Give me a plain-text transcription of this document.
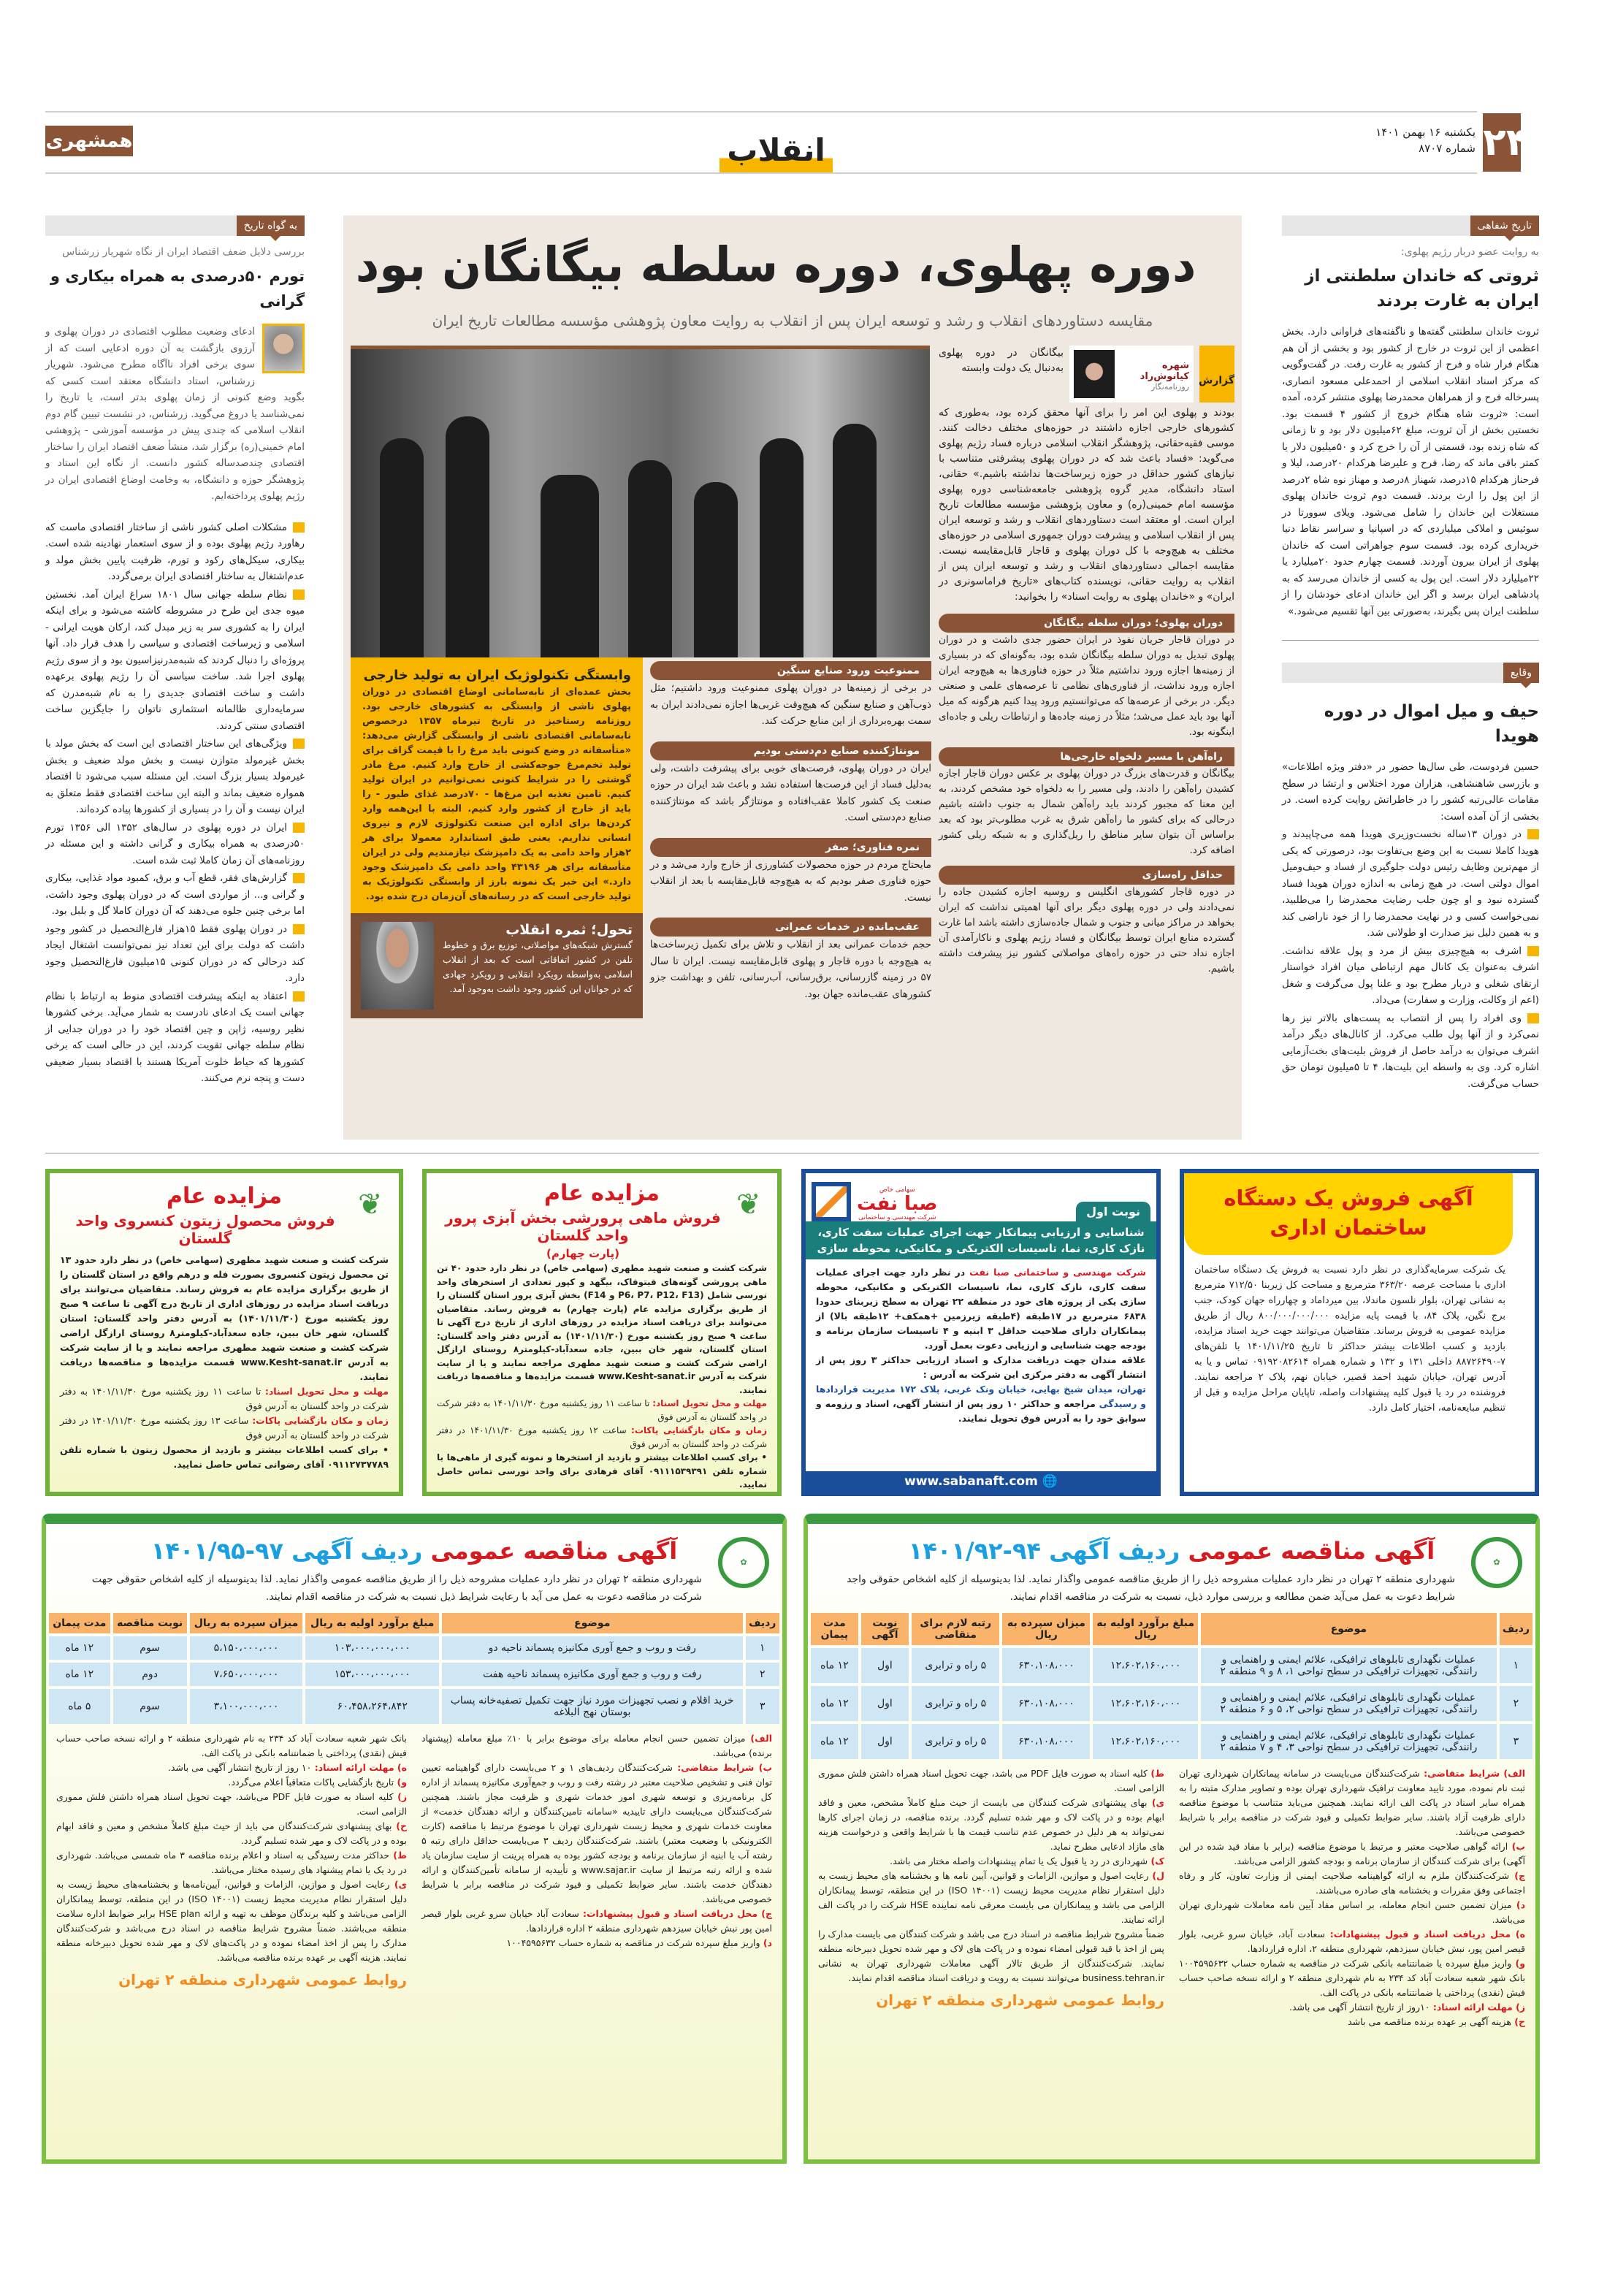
۲۴
یکشنبه ۱۶ بهمن ۱۴۰۱
شماره ۸۷۰۷
همشهری	انقلاب
تاریخ شفاهی
به روایت عضو دربار رژیم پهلوی:
ثروتی که خاندان سلطنتی از ایران به غارت بردند
ثروت خاندان سلطنتی گفته‌ها و ناگفته‌های فراوانی دارد. بخش اعظمی از این ثروت در خارج از کشور بود و بخشی از آن هم هنگام فرار شاه و فرح از کشور به غارت رفت. در گفت‌وگویی که مرکز اسناد انقلاب اسلامی از احمدعلی مسعود انصاری، پسرخاله فرح و از همراهان محمدرضا پهلوی منتشر کرده، آمده است: «ثروت شاه هنگام خروج از کشور ۴ قسمت بود. نخستین بخش از آن ثروت، مبلغ ۶۲میلیون دلار بود و تا زمانی که شاه زنده بود، قسمتی از آن را خرج کرد و ۵۰میلیون دلار یا کمتر باقی ماند که رضا، فرح و علیرضا هرکدام ۲۰درصد، لیلا و فرحناز هرکدام ۱۵درصد، شهناز ۸درصد و مهناز نوه شاه ۲درصد از این پول را ارث بردند. قسمت دوم ثروت خاندان پهلوی مستغلات این خاندان را شامل می‌شود. ویلای سوورتا در سوئیس و املاکی میلیاردی که در اسپانیا و سراسر نقاط دنیا خریداری کرده بود. قسمت سوم جواهراتی است که خاندان پهلوی از ایران بیرون آوردند. قسمت چهارم حدود ۲۰میلیارد یا ۲۲میلیارد دلار است. این پول به کسی از خاندان می‌رسد که به پادشاهی ایران برسد و اگر این خاندان ادعای خودشان را از سلطنت ایران پس بگیرند، به‌صورتی بین آنها تقسیم می‌شود.»
وقایع
حیف و میل اموال در دوره هویدا
حسین فردوست، طی سال‌ها حضور در «دفتر ویژه اطلاعات» و بازرسی شاهنشاهی، هزاران مورد اختلاس و ارتشا در سطح مقامات عالی‌رتبه کشور را در خاطراتش روایت کرده است. در بخشی از آن آمده است:
در دوران ۱۳ساله نخست‌وزیری هویدا همه می‌چاپیدند و هویدا کاملا نسبت به این وضع بی‌تفاوت بود، درصورتی که یکی از مهم‌ترین وظایف رئیس دولت جلوگیری از فساد و حیف‌ومیل اموال دولتی است. در هیچ زمانی به اندازه دوران هویدا فساد گسترده نبود و او چون جلب رضایت محمدرضا را می‌طلبید، نمی‌خواست کسی و در نهایت محمدرضا را از خود ناراضی کند و به همین دلیل نیز صدارت او طولانی شد.
اشرف به هیچ‌چیزی بیش از مرد و پول علاقه نداشت. اشرف به‌عنوان یک کانال مهم ارتباطی میان افراد خواستار ارتقای شغلی و دربار مطرح بود و علنا پول می‌گرفت و شغل (اعم از وکالت، وزارت و سفارت) می‌داد.
وی افراد را پس از انتصاب به پست‌های بالاتر نیز رها نمی‌کرد و از آنها پول طلب می‌کرد. از کانال‌های دیگر درآمد اشرف می‌توان به درآمد حاصل از فروش بلیت‌های بخت‌آزمایی اشاره کرد. وی به واسطه این بلیت‌ها، ۴ تا ۵میلیون تومان حق حساب می‌گرفت.
به گواه تاریخ
بررسی دلایل ضعف اقتصاد ایران از نگاه شهریار زرشناس
تورم ۵۰درصدی به همراه بیکاری و گرانی
ادعای وضعیت مطلوب اقتصادی در دوران پهلوی و آرزوی بازگشت به آن دوره ادعایی است که از سوی برخی افراد ناآگاه مطرح می‌شود. شهریار زرشناس، استاد دانشگاه معتقد است کسی که بگوید وضع کنونی از زمان پهلوی بدتر است، یا تاریخ را نمی‌شناسد یا دروغ می‌گوید. زرشناس، در نشست تبیین گام دوم انقلاب اسلامی که چندی پیش در مؤسسه آموزشی - پژوهشی امام خمینی(ره) برگزار شد، منشأ ضعف اقتصاد ایران را ساختار اقتصادی چندصدساله کشور دانست. از نگاه این استاد و پژوهشگر حوزه و دانشگاه، به وخامت اوضاع اقتصادی ایران در رژیم پهلوی پرداخته‌ایم.
مشکلات اصلی کشور ناشی از ساختار اقتصادی ماست که رهاورد رژیم پهلوی بوده و از سوی استعمار نهادینه شده است. بیکاری، سیکل‌های رکود و تورم، ظرفیت پایین بخش مولد و عدم‌اشتغال به ساختار اقتصادی ایران برمی‌گردد.
نظام سلطه جهانی سال ۱۸۰۱ سراغ ایران آمد. نخستین میوه جدی این طرح در مشروطه کاشته می‌شود و برای اینکه ایران را به کشوری سر به زیر مبدل کند، ارکان هویت ایرانی - اسلامی و زیرساخت اقتصادی و سیاسی را هدف قرار داد. آنها پروژه‌ای را دنبال کردند که شبه‌مدرنیزاسیون بود و از سوی رژیم پهلوی اجرا شد. ساخت سیاسی آن را رژیم پهلوی برعهده داشت و ساخت اقتصادی جدیدی را به نام شبه‌مدرن که سرمایه‌داری ظالمانه استثماری ناتوان را جایگزین ساخت اقتصادی سنتی کردند.
ویژگی‌های این ساختار اقتصادی این است که بخش مولد با بخش غیرمولد متوازن نیست و بخش مولد ضعیف و بخش غیرمولد بسیار بزرگ است. این مسئله سبب می‌شود تا اقتصاد همواره ضعیف بماند و البته این ساخت اقتصادی فقط متعلق به ایران نیست و آن را در بسیاری از کشورها پیاده کرده‌اند.
ایران در دوره پهلوی در سال‌های ۱۳۵۲ الی ۱۳۵۶ تورم ۵۰درصدی به همراه بیکاری و گرانی داشته و این مسئله در روزنامه‌های آن زمان کاملا ثبت شده است.
گزارش‌های فقر، قطع آب و برق، کمبود مواد غذایی، بیکاری و گرانی و... از مواردی است که در دوران پهلوی وجود داشت، اما برخی چنین جلوه می‌دهند که آن دوران کاملا گل و بلبل بود.
در دوران پهلوی فقط ۱۵هزار فارغ‌التحصیل در کشور وجود داشت که دولت برای این تعداد نیز نمی‌توانست اشتغال ایجاد کند درحالی که در دوران کنونی ۱۵میلیون فارغ‌التحصیل وجود دارد.
اعتقاد به اینکه پیشرفت اقتصادی منوط به ارتباط با نظام جهانی است یک ادعای نادرست به شمار می‌آید. برخی کشورها نظیر روسیه، ژاپن و چین اقتصاد خود را در دوران جدایی از نظام سلطه جهانی تقویت کردند، این در حالی است که برخی کشورها که حیاط خلوت آمریکا هستند با اقتصاد بسیار ضعیفی دست و پنجه نرم می‌کنند.
دوره پهلوی، دوره سلطه بیگانگان بود
مقایسه دستاوردهای انقلاب و رشد و توسعه ایران پس از انقلاب به روایت معاون پژوهشی مؤسسه مطالعات تاریخ ایران
گزارش
شهره کیانوش‌راد
روزنامه‌نگار
بیگانگان در دوره پهلوی به‌دنبال یک دولت وابسته
بودند و پهلوی این امر را برای آنها محقق کرده بود، به‌طوری که کشورهای خارجی اجازه داشتند در حوزه‌های مختلف دخالت کنند. موسی فقیه‌حقانی، پژوهشگر انقلاب اسلامی درباره فساد رژیم پهلوی می‌گوید: «فساد باعث شد که در دوران پهلوی پیشرفتی متناسب با نیازهای کشور حداقل در حوزه زیرساخت‌ها نداشته باشیم.» حقانی، استاد دانشگاه، مدیر گروه پژوهشی جامعه‌شناسی دوره پهلوی مؤسسه امام خمینی(ره) و معاون پژوهشی مؤسسه مطالعات تاریخ ایران است. او معتقد است دستاوردهای انقلاب و رشد و توسعه ایران پس از انقلاب اسلامی و پیشرفت دوران جمهوری اسلامی در حوزه‌های مختلف به هیچ‌وجه با کل دوران پهلوی و قاجار قابل‌مقایسه نیست. مقایسه اجمالی دستاوردهای انقلاب و رشد و توسعه ایران پس از انقلاب به روایت حقانی، نویسنده کتاب‌های «تاریخ فراماسونری در ایران» و «خاندان پهلوی به روایت اسناد» را بخوانید:
دوران پهلوی؛ دوران سلطه بیگانگان
در دوران قاجار جریان نفوذ در ایران حضور جدی داشت و در دوران پهلوی تبدیل به دوران سلطه بیگانگان شده بود، به‌گونه‌ای که در بسیاری از زمینه‌ها اجازه ورود نداشتیم مثلاً در حوزه فناوری‌ها به هیچ‌وجه ایران اجازه ورود نداشت، از فناوری‌های نظامی تا عرصه‌های علمی و صنعتی دیگر. در برخی از عرصه‌ها که می‌توانستیم ورود پیدا کنیم هرگونه که میل آنها بود باید عمل می‌شد؛ مثلاً در زمینه جاده‌ها و ارتباطات ریلی و جاده‌ای اینگونه بود.
راه‌آهن با مسیر دلخواه خارجی‌ها
بیگانگان و قدرت‌های بزرگ در دوران پهلوی بر عکس دوران قاجار اجازه کشیدن راه‌آهن را دادند، ولی مسیر را به دلخواه خود مشخص کردند، به این معنا که مجبور کردند باید راه‌آهن شمال به جنوب داشته باشیم درحالی که برای کشور ما راه‌آهن شرق به غرب مطلوب‌تر بود که بعد براساس آن بتوان سایر مناطق را ریل‌گذاری و به شبکه ریلی کشور اضافه کرد.
حداقل راه‌سازی
در دوره قاجار کشورهای انگلیس و روسیه اجازه کشیدن جاده را نمی‌دادند ولی در دوره پهلوی دیگر برای آنها اهمیتی نداشت که ایران بخواهد در مراکز میانی و جنوب و شمال جاده‌سازی داشته باشد اما غارت گسترده منابع ایران توسط بیگانگان و فساد رژیم پهلوی و ناکارآمدی آن اجازه نداد حتی در حوزه راه‌های مواصلاتی کشور نیز پیشرفت داشته باشیم.
ممنوعیت ورود صنایع سنگین
در برخی از زمینه‌ها در دوران پهلوی ممنوعیت ورود داشتیم؛ مثل ذوب‌آهن و صنایع سنگین که هیچ‌وقت غربی‌ها اجازه نمی‌دادند ایران به سمت بهره‌برداری از این منابع حرکت کند.
مونتاژکننده صنایع دم‌دستی بودیم
ایران در دوران پهلوی، فرصت‌های خوبی برای پیشرفت داشت، ولی به‌دلیل فساد از این فرصت‌ها استفاده نشد و باعث شد ایران در حوزه صنعت یک کشور کاملا عقب‌افتاده و مونتاژگر باشد که مونتاژکننده صنایع دم‌دستی است.
نمره فناوری؛ صفر
مایحتاج مردم در حوزه محصولات کشاورزی از خارج وارد می‌شد و در حوزه فناوری صفر بودیم که به هیچ‌وجه قابل‌مقایسه با بعد از انقلاب نیست.
عقب‌مانده در خدمات عمرانی
حجم خدمات عمرانی بعد از انقلاب و تلاش برای تکمیل زیرساخت‌ها به هیچ‌وجه با دوره قاجار و پهلوی قابل‌مقایسه نیست. ایران تا سال ۵۷ در زمینه گازرسانی، برق‌رسانی، آب‌رسانی، تلفن و بهداشت جزو کشورهای عقب‌مانده جهان بود.
وابستگی تکنولوژیک ایران به تولید خارجی
بخش عمده‌ای از نابه‌سامانی اوضاع اقتصادی در دوران پهلوی ناشی از وابستگی به کشورهای خارجی بود. روزنامه رستاخیز در تاریخ تیرماه ۱۳۵۷ درخصوص نابه‌سامانی اقتصادی ناشی از وابستگی گزارش می‌دهد: «متأسفانه در وضع کنونی باید مرغ را با قیمت گزاف برای تولید تخم‌مرغ جوجه‌کشی از خارج وارد کنیم. مرغ مادر گوشتی را در شرایط کنونی نمی‌توانیم در ایران تولید کنیم. تامین تغذیه این مرغ‌ها - ۷۰درصد غذای طیور - را باید از خارج از کشور وارد کنیم. البته با این‌همه وارد کردن‌ها برای اداره این صنعت تکنولوژی لازم و نیروی انسانی نداریم. یعنی طبق استاندارد معمولا برای هر ۲هزار واحد دامی به یک دامپزشک نیازمندیم ولی در ایران متأسفانه برای هر ۴۳۱۹۶ واحد دامی یک دامپزشک وجود دارد.» این خبر یک نمونه بارز از وابستگی تکنولوژیک به تولید خارجی است که در رسانه‌های آن‌زمان درج شده بود.
تحول؛ ثمره انقلاب
گسترش شبکه‌های مواصلاتی، توزیع برق و خطوط تلفن در کشور اتفاقاتی است که بعد از انقلاب اسلامی به‌واسطه رویکرد انقلابی و رویکرد جهادی که در جوانان این کشور وجود داشت به‌وجود آمد.
❦
مزایده عام
فروش محصول زیتون کنسروی واحد گلستان
شرکت کشت و صنعت شهید مطهری (سهامی خاص) در نظر دارد حدود ۱۳ تن محصول زیتون کنسروی بصورت فله و درهم واقع در استان گلستان را از طریق برگزاری مزایده عام به فروش رساند. متقاضیان می‌توانند برای دریافت اسناد مزایده در روزهای اداری از تاریخ درج آگهی تا ساعت ۹ صبح روز یکشنبه مورخ (۱۴۰۱/۱۱/۳۰) به آدرس دفتر واحد گلستان: استان گلستان، شهر خان ببین، جاده سعدآباد-کیلومتر۸ روستای ارازگل اراضی شرکت کشت و صنعت شهید مطهری مراجعه نمایند و یا از سایت شرکت به آدرس www.Kesht-sanat.ir قسمت مزایده‌ها و مناقصه‌ها دریافت نمایند.
مهلت و محل تحویل اسناد: تا ساعت ۱۱ روز یکشنبه مورخ ۱۴۰۱/۱۱/۳۰ به دفتر شرکت در واحد گلستان به آدرس فوق
زمان و مکان بازگشایی پاکات: ساعت ۱۳ روز یکشنبه مورخ ۱۴۰۱/۱۱/۳۰ در دفتر شرکت در واحد گلستان به آدرس فوق
• برای کسب اطلاعات بیشتر و بازدید از محصول زیتون با شماره تلفن ۰۹۱۱۲۷۳۷۷۸۹ آقای رضوانی تماس حاصل نمایید.
❦
مزایده عام
فروش ماهی پرورشی بخش آبزی پرور واحد گلستان
(پارت چهارم)
شرکت کشت و صنعت شهید مطهری (سهامی خاص) در نظر دارد حدود ۴۰ تن ماهی پرورشی گونه‌های فیتوفاک، بیگهد و کپور تعدادی از استخرهای واحد نورسی شامل (P6، P7، P12، F13 و F14) بخش آبزی پرور استان گلستان را از طریق برگزاری مزایده عام (پارت چهارم) به فروش رساند. متقاضیان می‌توانند برای دریافت اسناد مزایده در روزهای اداری از تاریخ درج آگهی تا ساعت ۹ صبح روز یکشنبه مورخ (۱۴۰۱/۱۱/۳۰) به آدرس دفتر واحد گلستان: استان گلستان، شهر خان ببین، جاده سعدآباد-کیلومتر۸ روستای ارازگل اراضی شرکت کشت و صنعت شهید مطهری مراجعه نمایند و یا از سایت شرکت به آدرس www.Kesht-sanat.ir قسمت مزایده‌ها و مناقصه‌ها دریافت نمایند.
مهلت و محل تحویل اسناد: تا ساعت ۱۱ روز یکشنبه مورخ ۱۴۰۱/۱۱/۳۰ به دفتر شرکت در واحد گلستان به آدرس فوق
زمان و مکان بازگشایی پاکات: ساعت ۱۲ روز یکشنبه مورخ ۱۴۰۱/۱۱/۳۰ در دفتر شرکت در واحد گلستان به آدرس فوق
• برای کسب اطلاعات بیشتر و بازدید از استخرها و نمونه گیری از ماهی‌ها با شماره تلفن ۰۹۱۱۱۵۳۹۳۹۱ آقای فرهادی برای واحد نورسی تماس حاصل نمایید.
نوبت اول
سهامی خاص
صبا نفت
شرکت مهندسی و ساختمانی
شناسایی و ارزیابی پیمانکار جهت اجرای عملیات سفت کاری، نازک کاری، نما، تاسیسات الکتریکی و مکانیکی، محوطه سازی
شرکت مهندسی و ساختمانی صبا نفت در نظر دارد جهت اجرای عملیات سفت کاری، نازک کاری، نما، تاسیسات الکتریکی و مکانیکی، محوطه سازی یکی از پروژه های خود در منطقه ۲۲ تهران به سطح زیربنای حدودا ۶۸۳۸ مترمربع در ۱۷طبقه (۴طبقه زیرزمین +همکف+ ۱۲طبقه بالا) از پیمانکاران دارای صلاحیت حداقل ۳ ابنیه و ۴ تاسیسات سازمان برنامه و بودجه جهت شناسایی و ارزیابی دعوت بعمل آورد.
علاقه مندان جهت دریافت مدارک و اسناد ارزیابی حداکثر ۳ روز پس از انتشار آگهی به دفتر مرکزی این شرکت به آدرس :
تهران، میدان شیخ بهایی، خیابان ونک غربی، پلاک ۱۷۲ مدیریت قراردادها و رسیدگی مراجعه و حداکثر ۱۰ روز پس از انتشار آگهی، اسناد و رزومه و سوابق خود را به آدرس فوق تحویل نمایند.
www.sabanaft.com 🌐
آگهی فروش یک دستگاه ساختمان اداری
یک شرکت سرمایه‌گذاری در نظر دارد نسبت به فروش یک دستگاه ساختمان اداری با مساحت عرصه ۳۶۳/۲۰ مترمربع و مساحت کل زیربنا ۷۱۲/۵۰ مترمربع به نشانی تهران، بلوار نلسون ماندلا، بین میرداماد و چهارراه جهان کودک، جنب برج نگین، پلاک ۸۴، با قیمت پایه مزایده ۸۰۰/۰۰۰/۰۰۰/۰۰۰ ریال از طریق مزایده عمومی به فروش برساند. متقاضیان می‌توانند جهت خرید اسناد مزایده، بازدید و کسب اطلاعات بیشتر حداکثر تا تاریخ ۱۴۰۱/۱۱/۲۵ با تلفن‌های ۷-۸۸۷۲۶۴۹۰ داخلی ۱۳۱ و ۱۳۲ و شماره همراه ۰۹۱۹۲۰۸۲۶۱۴ تماس و یا به آدرس تهران، خیابان شهید احمد قصیر، خیابان نهم، پلاک ۲ مراجعه نمایند. فروشنده در رد یا قبول کلیه پیشنهادات واصله، تاپایان مراحل مزایده و قبل از تنظیم مبایعه‌نامه، اختیار کامل دارد.
✿
آگهی مناقصه عمومی ردیف آگهی ۹۴-۱۴۰۱/۹۲
شهرداری منطقه ۲ تهران در نظر دارد عملیات مشروحه ذیل را از طریق مناقصه عمومی واگذار نماید. لذا بدینوسیله از کلیه اشخاص حقوقی واجد شرایط دعوت به عمل می‌آید ضمن مطالعه و بررسی موارد ذیل، نسبت به شرکت در مناقصه اقدام نمایند.
ردیف	موضوع	مبلغ برآورد اولیه به ریال	میزان سپرده به ریال	رتبه لازم برای متقاضی	نوبت آگهی	مدت پیمان
۱	عملیات نگهداری تابلوهای ترافیکی، علائم ایمنی و راهنمایی و رانندگی، تجهیزات ترافیکی در سطح نواحی ۱، ۸ و ۹ منطقه ۲	۱۲،۶۰۲،۱۶۰،۰۰۰	۶۳۰،۱۰۸،۰۰۰	۵ راه و ترابری	اول	۱۲ ماه
۲	عملیات نگهداری تابلوهای ترافیکی، علائم ایمنی و راهنمایی و رانندگی، تجهیزات ترافیکی در سطح نواحی ۲، ۵ و ۶ منطقه ۲	۱۲،۶۰۲،۱۶۰،۰۰۰	۶۳۰،۱۰۸،۰۰۰	۵ راه و ترابری	اول	۱۲ ماه
۳	عملیات نگهداری تابلوهای ترافیکی، علائم ایمنی و راهنمایی و رانندگی، تجهیزات ترافیکی در سطح نواحی ۳، ۴ و ۷ منطقه ۲	۱۲،۶۰۲،۱۶۰،۰۰۰	۶۳۰،۱۰۸،۰۰۰	۵ راه و ترابری	اول	۱۲ ماه
الف) شرایط متقاضی: شرکت‌کنندگان می‌بایست در سامانه پیمانکاران شهرداری تهران ثبت نام نموده، مورد تایید معاونت ترافیک شهرداری تهران بوده و تصاویر مدارک مثبته را به همراه سایر اسناد در پاکت الف ارائه نمایند. همچنین می‌باید متناسب با موضوع مناقصه دارای ظرفیت آزاد باشند. سایر ضوابط تکمیلی و قیود شرکت در مناقصه برابر با شرایط خصوصی می‌باشد.
ب) ارائه گواهی صلاحیت معتبر و مرتبط با موضوع مناقصه (برابر با مفاد قید شده در این آگهی) برای شرکت کنندگان از سازمان برنامه و بودجه کشور الزامی می‌باشد.
ج) شرکت‌کنندگان ملزم به ارائه گواهینامه صلاحیت ایمنی از وزارت تعاون، کار و رفاه اجتماعی وفق مقررات و بخشنامه های صادره می‌باشند.
د) میزان تضمین حسن انجام معامله، بر اساس مفاد آیین نامه معاملات شهرداری تهران می‌باشد.
ه) محل دریافت اسناد و قبول پیشنهادات: سعادت آباد، خیابان سرو غربی، بلوار قیصر امین پور، نبش خیابان سیزدهم، شهرداری منطقه ۲، اداره قراردادها.
و) واریز مبلغ سپرده یا ضمانتنامه بانکی شرکت در مناقصه به شماره حساب ۱۰۰۴۵۹۵۶۳۲ بانک شهر شعبه سعادت آباد کد ۲۳۴ به نام شهرداری منطقه ۲ و ارائه نسخه صاحب حساب فیش (نقدی) پرداختی یا ضمانتنامه بانکی در پاکت الف.
ز) مهلت ارائه اسناد: ۱۰روز از تاریخ انتشار آگهی می باشد.
ح) هزینه آگهی بر عهده برنده مناقصه می باشد
ط) کلیه اسناد به صورت فایل PDF می باشد، جهت تحویل اسناد همراه داشتن فلش مموری الزامی است.
ی) بهای پیشنهادی شرکت کنندگان می بایست از حیث مبلغ کاملاً مشخص، معین و فاقد ابهام بوده و در پاکت لاک و مهر شده تسلیم گردد. برنده مناقصه، در زمان اجرای کارها نمی‌تواند به هر دلیل در خصوص عدم تناسب قیمت ها با شرایط واقعی و درخواست هزینه های مازاد ادعایی مطرح نماید.
ک) شهرداری در رد یا قبول یک یا تمام پیشنهادات واصله مختار می باشد.
ل) رعایت اصول و موازین، الزامات و قوانین، آیین نامه ها و بخشنامه های محیط زیست به دلیل استقرار نظام مدیریت محیط زیست (ISO ۱۴۰۰۱) در این منطقه، توسط پیمانکاران الزامی می باشد و پیمانکاران می بایست معرفی نامه نماینده HSE شرکت را در پاکت الف ارائه نمایند.
ضمناً مشروح شرایط مناقصه در اسناد درج می باشد و شرکت کنندگان می بایست مدارک را پس از اخذ با قید قبولی امضاء نموده و در پاکت های لاک و مهر شده تحویل دبیرخانه منطقه نمایند. شرکت‌کنندگان از طریق تالار آگهی معاملات شهرداری تهران به نشانی business.tehran.ir می‌توانند نسبت به رویت و دریافت اسناد مناقصه اقدام نمایند.
روابط عمومی شهرداری منطقه ۲ تهران
✿
آگهی مناقصه عمومی ردیف آگهی ۹۷-۱۴۰۱/۹۵
شهرداری منطقه ۲ تهران در نظر دارد عملیات مشروحه ذیل را از طریق مناقصه عمومی واگذار نماید. لذا بدینوسیله از کلیه اشخاص حقوقی جهت شرکت در مناقصه دعوت به عمل می آید با رعایت شرایط ذیل نسبت به شرکت در مناقصه اقدام نمایند.
ردیف	موضوع	مبلغ برآورد اولیه به ریال	میزان سپرده به ریال	نوبت مناقصه	مدت پیمان
۱	رفت و روب و جمع آوری مکانیزه پسماند ناحیه دو	۱۰۳،۰۰۰،۰۰۰،۰۰۰	۵،۱۵۰،۰۰۰،۰۰۰	سوم	۱۲ ماه
۲	رفت و روب و جمع آوری مکانیزه پسماند ناحیه هفت	۱۵۳،۰۰۰،۰۰۰،۰۰۰	۷،۶۵۰،۰۰۰،۰۰۰	دوم	۱۲ ماه
۳	خرید اقلام و نصب تجهیزات مورد نیاز جهت تکمیل تصفیه‌خانه پساب بوستان نهج البلاغه	۶۰،۴۵۸،۲۶۴،۸۴۲	۳،۱۰۰،۰۰۰،۰۰۰	سوم	۵ ماه
الف) میزان تضمین حسن انجام معامله برای موضوع برابر با ۱۰٪ مبلغ معامله (پیشنهاد برنده) می‌باشد.
ب) شرایط متقاضی: شرکت‌کنندگان ردیف‌های ۱ و ۲ می‌بایست دارای گواهینامه تعیین توان فنی و تشخیص صلاحیت معتبر در رشته رفت و روب و جمع‌آوری مکانیزه پسماند از اداره کل برنامه‌ریزی و توسعه شهری امور خدمات شهری و ظرفیت مجاز باشند. همچنین شرکت‌کنندگان می‌بایست دارای تاییدیه «سامانه تامین‌کنندگان و ارائه دهندگان خدمت» از معاونت خدمات شهری و محیط زیست شهرداری تهران با موضوع مرتبط با مناقصه (کارت الکترونیکی با وضعیت معتبر) باشند. شرکت‌کنندگان ردیف ۳ می‌بایست حداقل دارای رتبه ۵ رشته آب یا ابنیه از سازمان برنامه و بودجه کشور بوده به همراه پرینت از سایت سازمان یاد شده و ارائه رتبه مرتبط از سایت www.sajar.ir و تأییدیه از سامانه تأمین‌کنندگان و ارائه دهندگان خدمت باشند. سایر ضوابط تکمیلی و قیود شرکت در مناقصه برابر با شرایط خصوصی می‌باشد.
ج) محل دریافت اسناد و قبول پیشنهادات: سعادت آباد خیابان سرو غربی بلوار قیصر امین پور نبش خیابان سیزدهم شهرداری منطقه ۲ اداره قراردادها.
د) واریز مبلغ سپرده شرکت در مناقصه به شماره حساب ۱۰۰۴۵۹۵۶۳۲
بانک شهر شعبه سعادت آباد کد ۲۳۴ به نام شهرداری منطقه ۲ و ارائه نسخه صاحب حساب فیش (نقدی) پرداختی یا ضمانتنامه بانکی در پاکت الف.
ه) مهلت ارائه اسناد: ۱۰ روز از تاریخ انتشار آگهی می باشد.
و) تاریخ بازگشایی پاکات متعاقباً اعلام می‌گردد.
ز) کلیه اسناد به صورت فایل PDF می‌باشد، جهت تحویل اسناد همراه داشتن فلش مموری الزامی است.
ح) بهای پیشنهادی شرکت‌کنندگان می باید از حیث مبلغ کاملاً مشخص و معین و فاقد ابهام بوده و در پاکت لاک و مهر شده تسلیم گردد.
ط) حداکثر مدت رسیدگی به اسناد و اعلام برنده مناقصه ۳ ماه شمسی می‌باشد. شهرداری در رد یک یا تمام پیشنهاد های رسیده مختار می‌باشد.
ی) رعایت اصول و موازین، الزامات و قوانین، آیین‌نامه‌ها و بخشنامه‌های محیط زیست به دلیل استقرار نظام مدیریت محیط زیست (ISO ۱۴۰۰۱) در این منطقه، توسط پیمانکاران الزامی می‌باشد و کلیه برندگان موظف به تهیه و ارائه HSE plan برابر ضوابط اداره سلامت منطقه می‌باشند. ضمناً مشروح شرایط مناقصه در اسناد درج می‌باشد و شرکت‌کنندگان مدارک را پس از اخذ امضاء نموده و در پاکت‌های لاک و مهر شده تحویل دبیرخانه منطقه نمایند. هزینه آگهی بر عهده برنده مناقصه می‌باشد.
روابط عمومی شهرداری منطقه ۲ تهران
